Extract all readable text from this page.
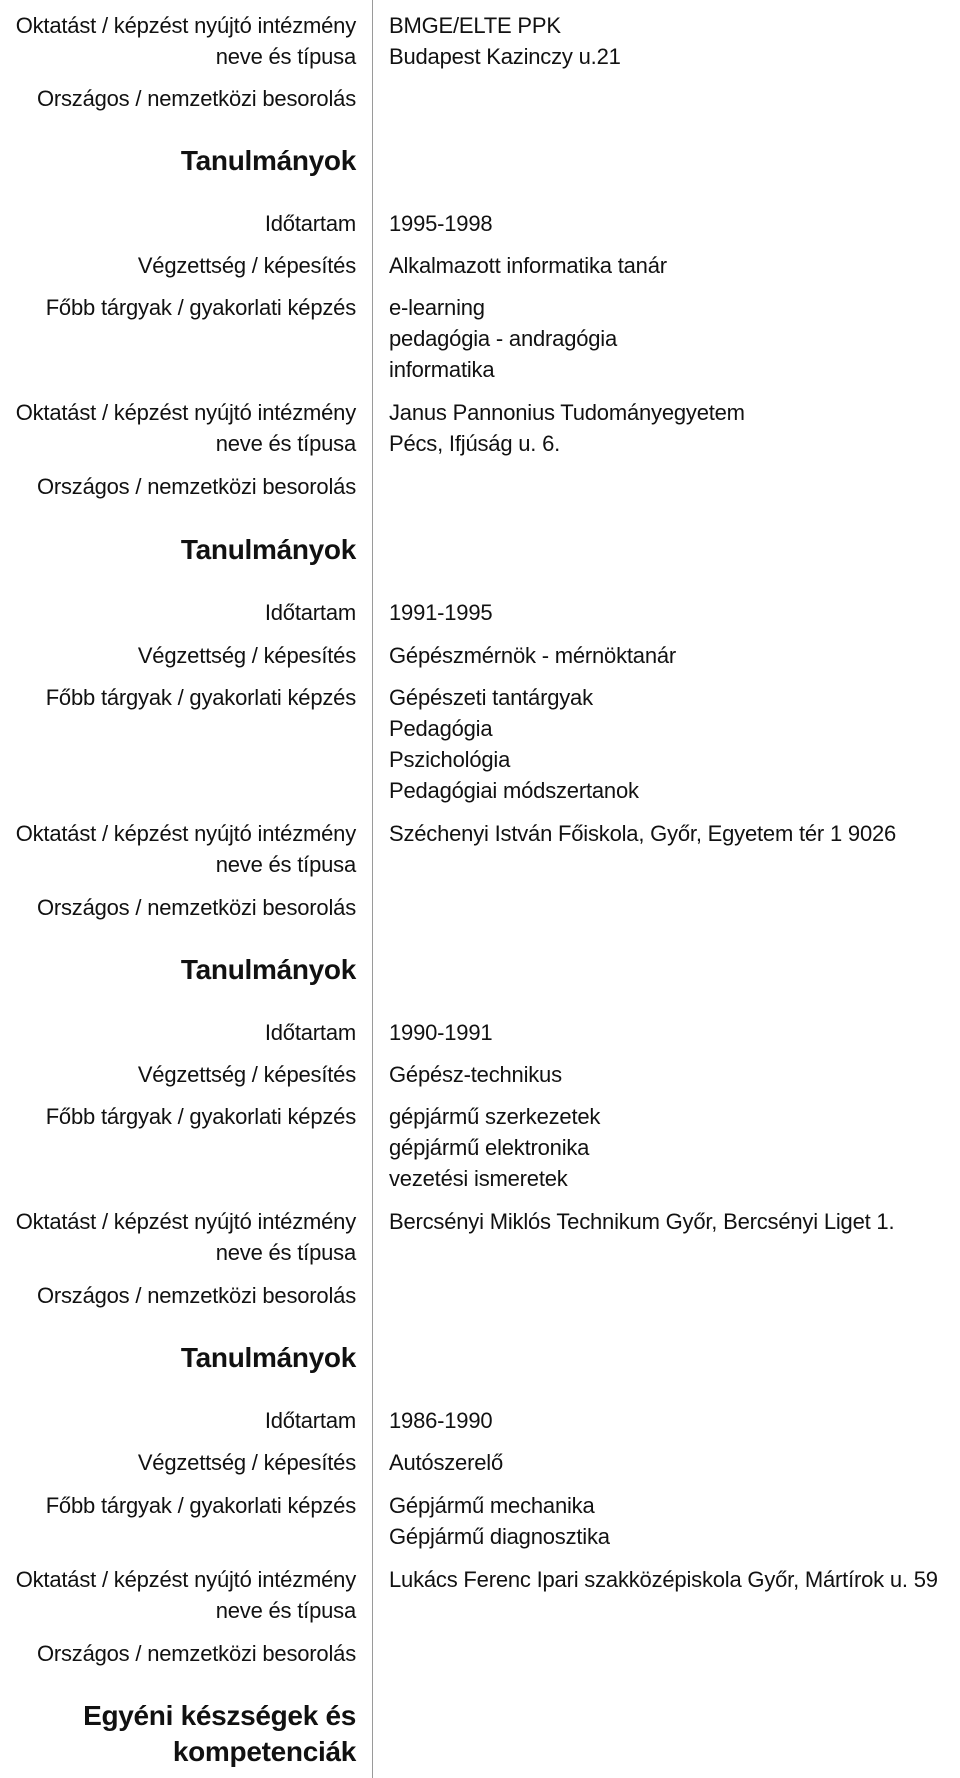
Oktatást / képzést nyújtó intézmény
neve és típusa
BMGE/ELTE PPK
Budapest Kazinczy u.21
Országos / nemzetközi besorolás
Tanulmányok
Időtartam 1995-1998
Végzettség / képesítés Alkalmazott informatika tanár
Főbb tárgyak / gyakorlati képzés e-learning
pedagógia - andragógia
informatika
Oktatást / képzést nyújtó intézmény
neve és típusa
Janus Pannonius Tudományegyetem
Pécs, Ifjúság u. 6.
Országos / nemzetközi besorolás
Tanulmányok
Időtartam 1991-1995
Végzettség / képesítés Gépészmérnök - mérnöktanár
Főbb tárgyak / gyakorlati képzés Gépészeti tantárgyak
Pedagógia
Pszichológia
Pedagógiai módszertanok
Oktatást / képzést nyújtó intézmény
neve és típusa
Széchenyi István Főiskola, Győr, Egyetem tér 1 9026
Országos / nemzetközi besorolás
Tanulmányok
Időtartam 1990-1991
Végzettség / képesítés Gépész-technikus
Főbb tárgyak / gyakorlati képzés gépjármű szerkezetek
gépjármű elektronika
vezetési ismeretek
Oktatást / képzést nyújtó intézmény
neve és típusa
Bercsényi Miklós Technikum Győr, Bercsényi Liget 1.
Országos / nemzetközi besorolás
Tanulmányok
Időtartam 1986-1990
Végzettség / képesítés Autószerelő
Főbb tárgyak / gyakorlati képzés Gépjármű mechanika
Gépjármű diagnosztika
Oktatást / képzést nyújtó intézmény
neve és típusa
Lukács Ferenc Ipari szakközépiskola Győr, Mártírok u. 59
Országos / nemzetközi besorolás
Egyéni készségek és
kompetenciák
